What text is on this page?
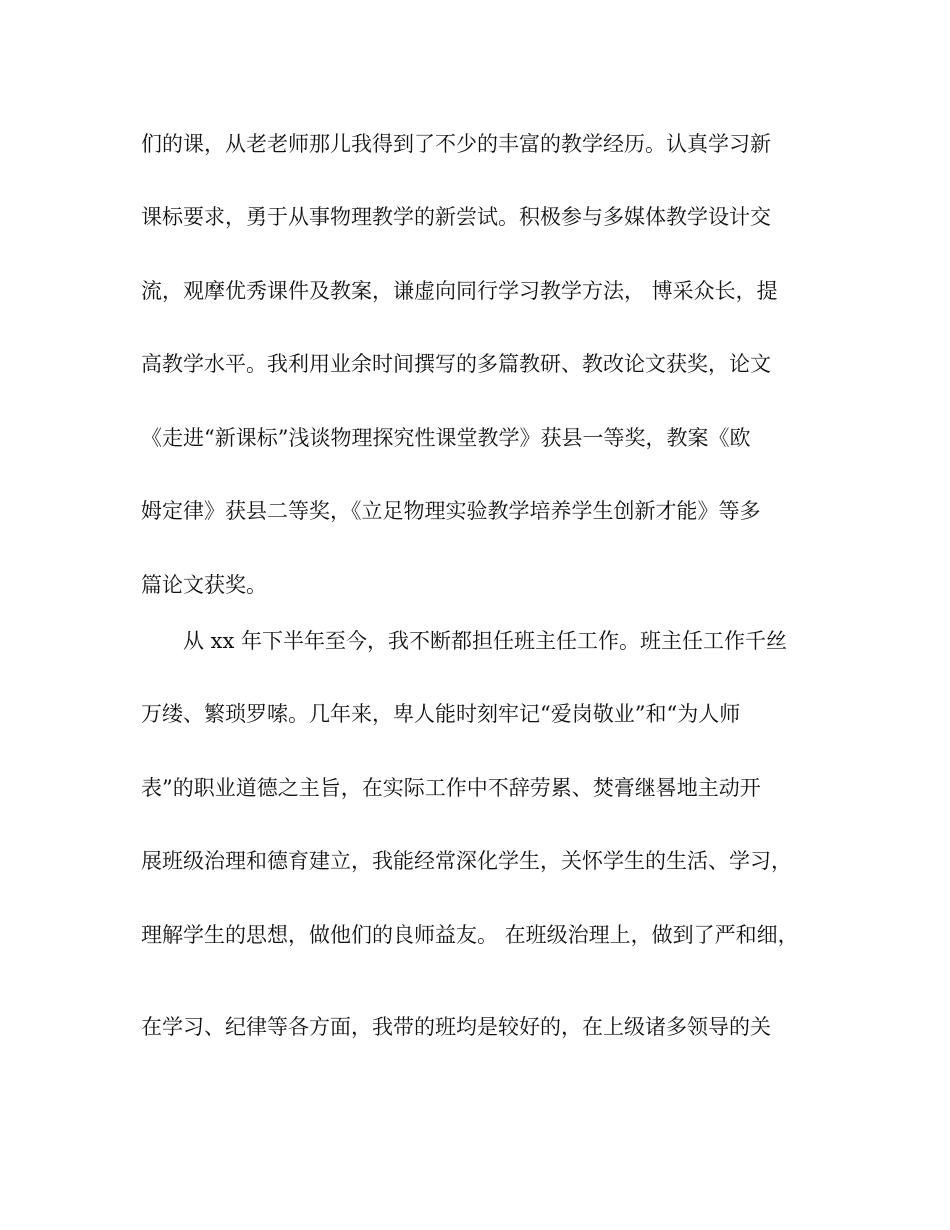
们的课，从老老师那儿我得到了不少的丰富的教学经历。认真学习新
课标要求，勇于从事物理教学的新尝试。积极参与多媒体教学设计交
流，观摩优秀课件及教案，谦虚向同行学习教学方法， 博采众长，提
高教学水平。我利用业余时间撰写的多篇教研、教改论文获奖，论文
《走进“新课标”浅谈物理探究性课堂教学》获县一等奖，教案《欧
姆定律》获县二等奖，《立足物理实验教学培养学生创新才能》等多
篇论文获奖。
从 xx 年下半年至今，我不断都担任班主任工作。班主任工作千丝
万缕、繁琐罗嗦。几年来，卑人能时刻牢记“爱岗敬业”和“为人师
表”的职业道德之主旨，在实际工作中不辞劳累、焚膏继晷地主动开
展班级治理和德育建立，我能经常深化学生，关怀学生的生活、学习，
理解学生的思想，做他们的良师益友。 在班级治理上，做到了严和细，
在学习、纪律等各方面，我带的班均是较好的，在上级诸多领导的关
